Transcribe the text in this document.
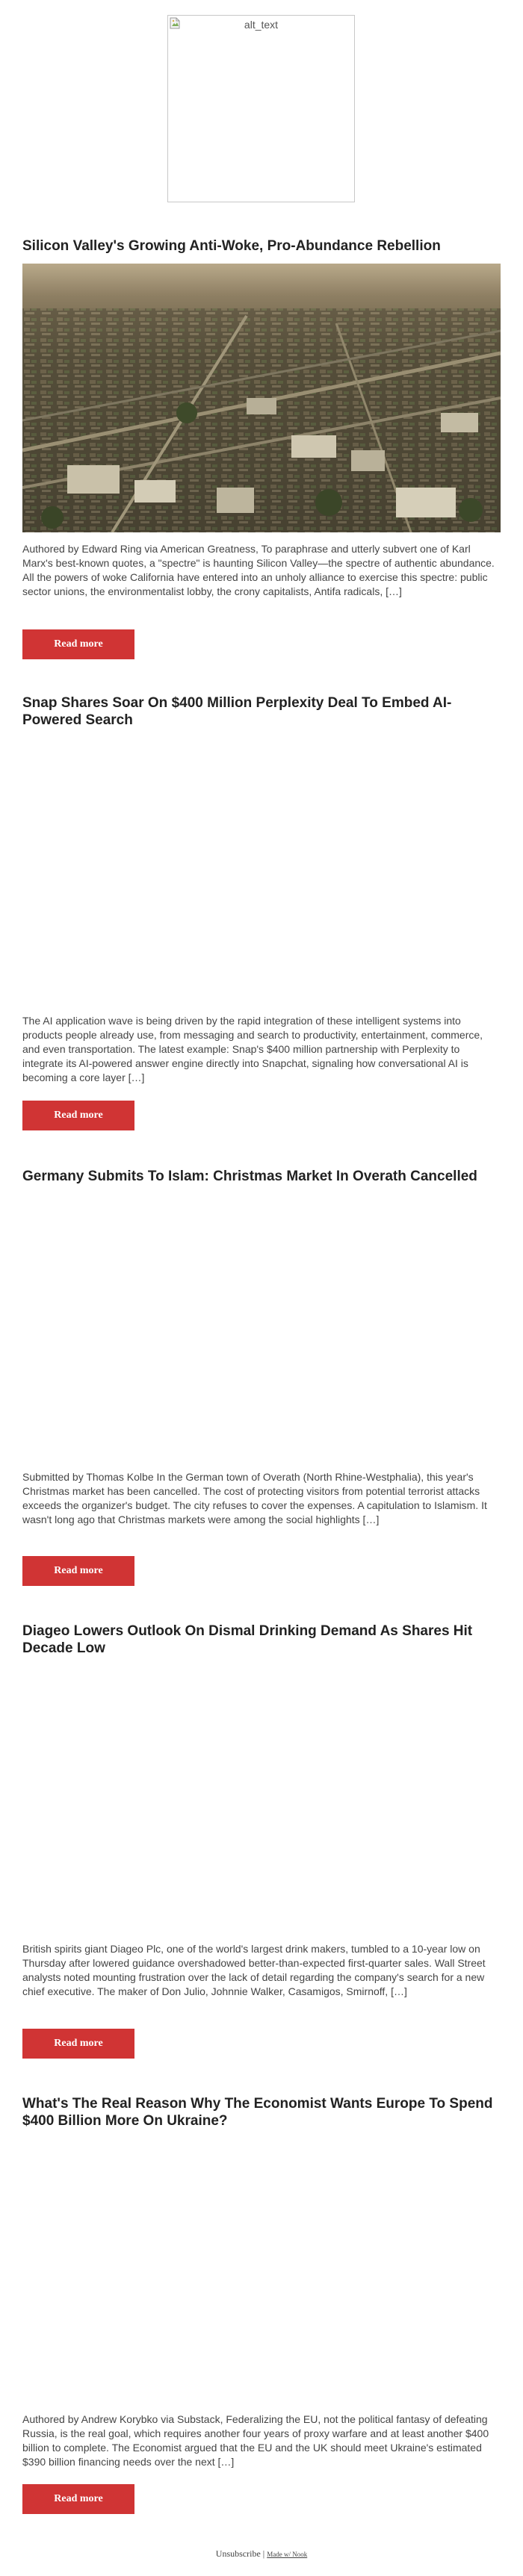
alt_text
Silicon Valley's Growing Anti-Woke, Pro-Abundance Rebellion

Authored by Edward Ring via American Greatness, To paraphrase and utterly subvert one of Karl Marx's best-known quotes, a "spectre" is haunting Silicon Valley—the spectre of authentic abundance. All the powers of woke California have entered into an unholy alliance to exercise this spectre: public sector unions, the environmentalist lobby, the crony capitalists, Antifa radicals, […]

Read more
Snap Shares Soar On $400 Million Perplexity Deal To Embed AI-Powered Search

The AI application wave is being driven by the rapid integration of these intelligent systems into products people already use, from messaging and search to productivity, entertainment, commerce, and even transportation. The latest example: Snap's $400 million partnership with Perplexity to integrate its AI-powered answer engine directly into Snapchat, signaling how conversational AI is becoming a core layer […]

Read more
Germany Submits To Islam: Christmas Market In Overath Cancelled

Submitted by Thomas Kolbe In the German town of Overath (North Rhine-Westphalia), this year's Christmas market has been cancelled. The cost of protecting visitors from potential terrorist attacks exceeds the organizer's budget. The city refuses to cover the expenses. A capitulation to Islamism. It wasn't long ago that Christmas markets were among the social highlights […]

Read more
Diageo Lowers Outlook On Dismal Drinking Demand As Shares Hit Decade Low

British spirits giant Diageo Plc, one of the world's largest drink makers, tumbled to a 10-year low on Thursday after lowered guidance overshadowed better-than-expected first-quarter sales. Wall Street analysts noted mounting frustration over the lack of detail regarding the company's search for a new chief executive. The maker of Don Julio, Johnnie Walker, Casamigos, Smirnoff, […]

Read more
What's The Real Reason Why The Economist Wants Europe To Spend $400 Billion More On Ukraine?

Authored by Andrew Korybko via Substack, Federalizing the EU, not the political fantasy of defeating Russia, is the real goal, which requires another four years of proxy warfare and at least another $400 billion to complete. The Economist argued that the EU and the UK should meet Ukraine's estimated $390 billion financing needs over the next […]

Read more
Unsubscribe | Made w/ Nook
